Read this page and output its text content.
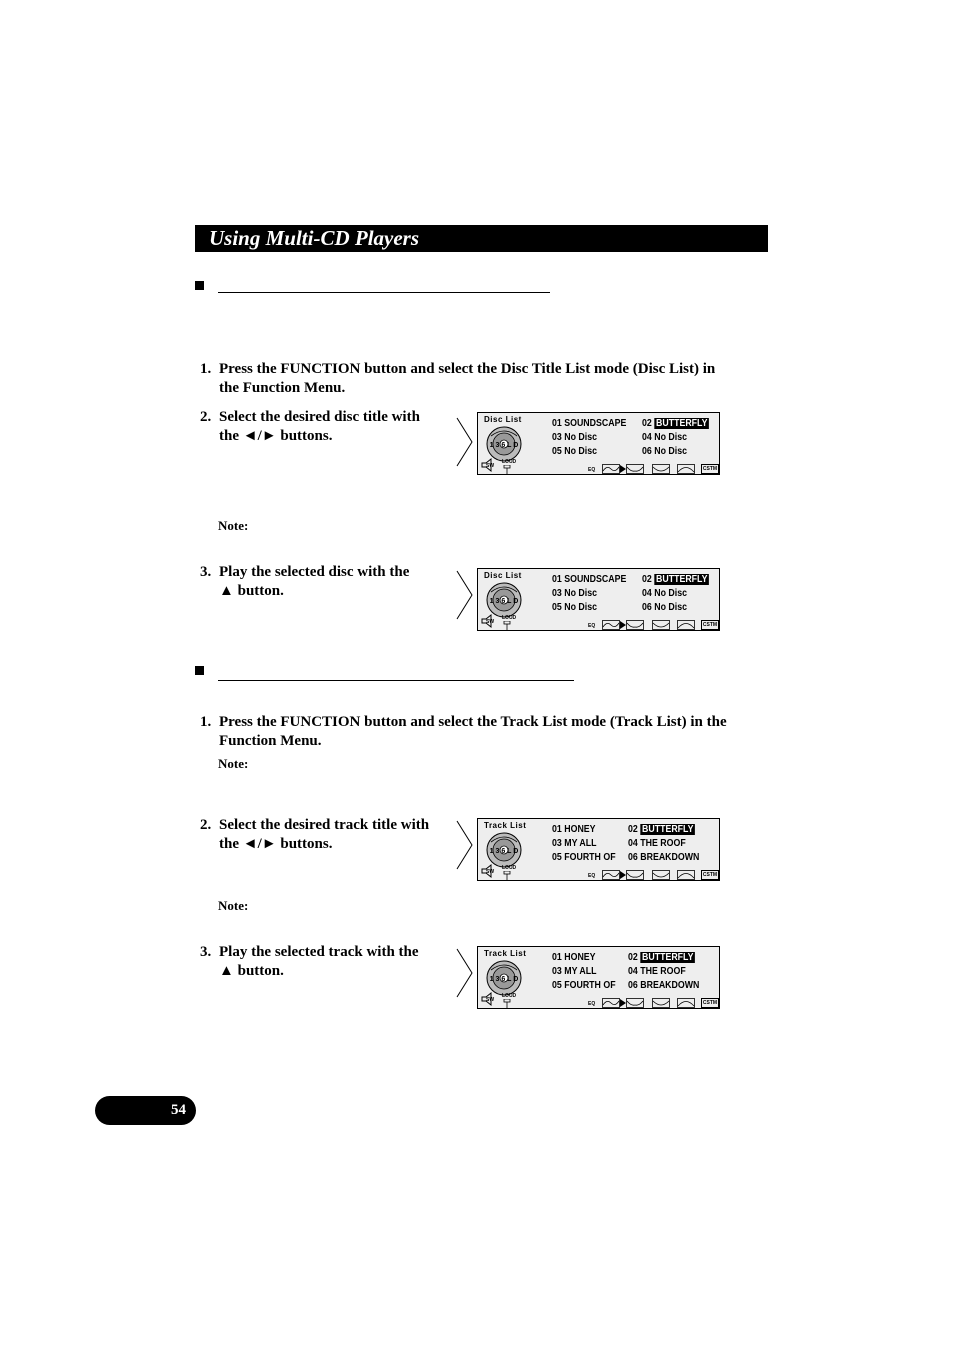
Using Multi-CD Players
1. Press the FUNCTION button and select the Disc Title List mode (Disc List) in
the Function Menu.
2. Select the desired disc title with
the ◄/► buttons.
Note:
3. Play the selected disc with the
▲ button.
1. Press the FUNCTION button and select the Track List mode (Track List) in the
Function Menu.
Note:
2. Select the desired track title with
the ◄/► buttons.
Note:
3. Play the selected track with the
▲ button.
Disc List
1 3 6 L D
01 SOUNDSCAPE 02 BUTTERFLY
03 No Disc	04 No Disc
05 No Disc	06 No Disc
SW
LOUD
EQ	CSTM
Disc List
1 3 6 L D
01 SOUNDSCAPE 02 BUTTERFLY
03 No Disc	04 No Disc
05 No Disc	06 No Disc
SW
LOUD
EQ	CSTM
Track List
1 3 6 L D
01 HONEY	02 BUTTERFLY
03 MY ALL	04 THE ROOF
05 FOURTH OF 06 BREAKDOWN
SW
LOUD
EQ	CSTM
Track List
1 3 6 L D
01 HONEY	02 BUTTERFLY
03 MY ALL	04 THE ROOF
05 FOURTH OF 06 BREAKDOWN
SW
LOUD
EQ	CSTM
54
